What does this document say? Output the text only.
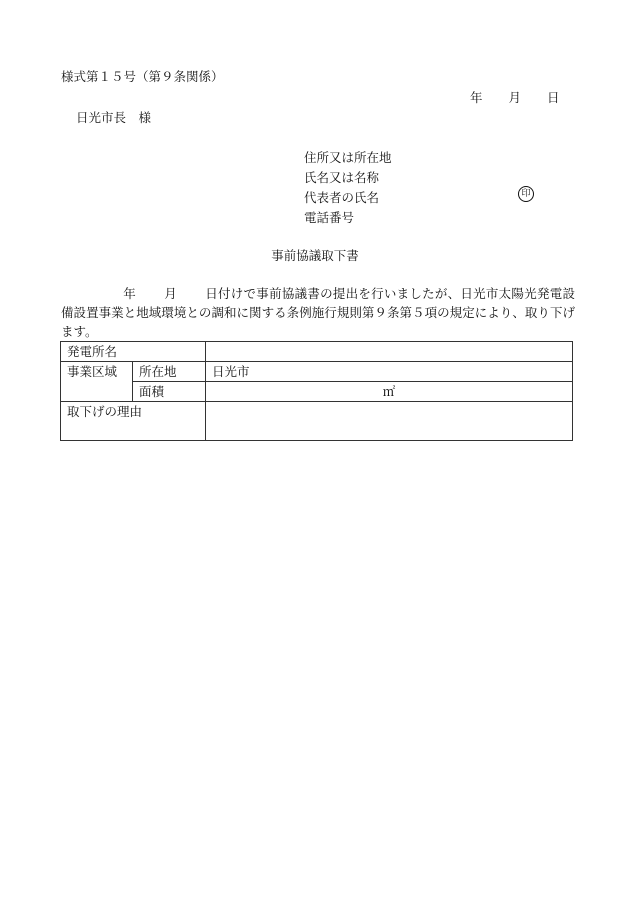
様式第１５号（第９条関係）
年 月 日
日光市長　様
住所又は所在地
氏名又は名称
代表者の氏名	印
電話番号
事前協議取下書
年 月 日付けで事前協議書の提出を行いましたが、日光市太陽光発電設備設置事業と地域環境との調和に関する条例施行規則第９条第５項の規定により、取り下げます。
発電所名		
事業区域	所在地	日光市
	面積	㎡
取下げの理由		
